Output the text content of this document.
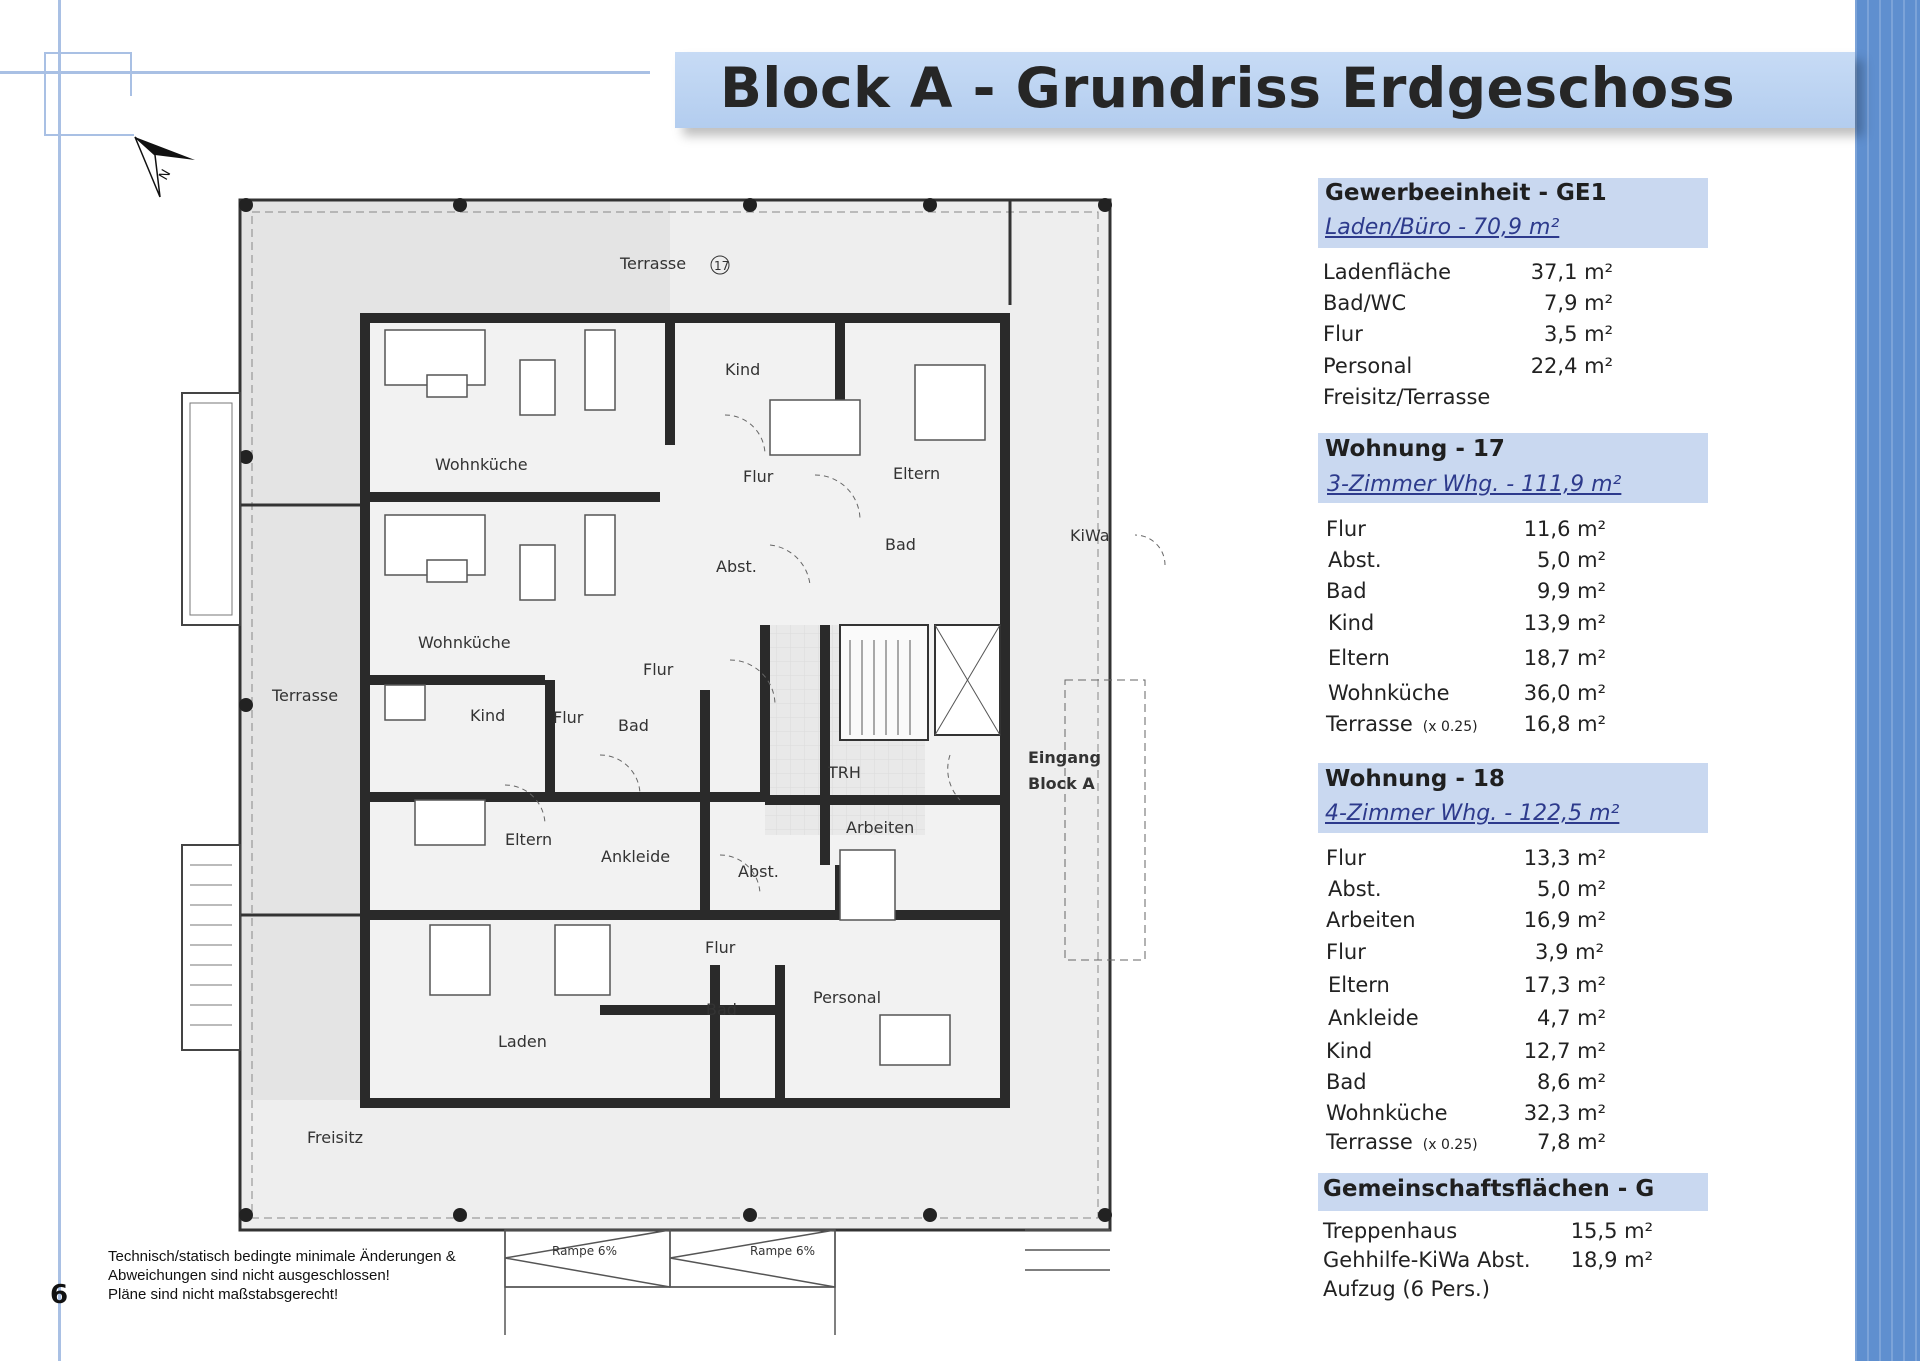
Block A - Grundriss Erdgeschoss
N
Terrasse 17
Kind
Wohnküche
Flur	Eltern
KiWa
Bad
Abst.
Wohnküche
Flur
Terrasse
Kind	Flur Bad
TRH
Eingang
Block A
Eltern
Ankleide
Abst.
Arbeiten
Flur
Bad
Personal
Laden
Freisitz
Rampe 6%	Rampe 6%
Gewerbeeinheit - GE1
Laden/Büro - 70,9 m²
Ladenfläche	37,1 m²
Bad/WC	7,9 m²
Flur	3,5 m²
Personal	22,4 m²
Freisitz/Terrasse
Wohnung - 17
3-Zimmer Whg. - 111,9 m²
Flur	11,6 m²
Abst.	5,0 m²
Bad	9,9 m²
Kind	13,9 m²
Eltern	18,7 m²
Wohnküche	36,0 m²
Terrasse (x 0.25) 16,8 m²
Wohnung - 18
4-Zimmer Whg. - 122,5 m²
Flur	13,3 m²
Abst.	5,0 m²
Arbeiten	16,9 m²
Flur	3,9 m²
Eltern	17,3 m²
Ankleide	4,7 m²
Kind	12,7 m²
Bad	8,6 m²
Wohnküche	32,3 m²
Terrasse (x 0.25)	7,8 m²
Gemeinschaftsflächen - G
Treppenhaus	15,5 m²
Gehhilfe-KiWa Abst. 18,9 m²
Aufzug (6 Pers.)
Technisch/statisch bedingte minimale Änderungen &
Abweichungen sind nicht ausgeschlossen!
Pläne sind nicht maßstabsgerecht!
6
